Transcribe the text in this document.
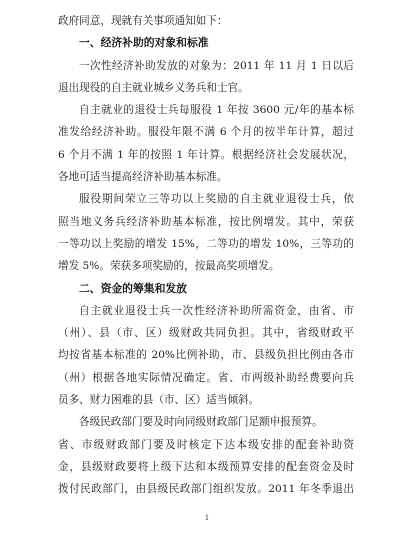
政府同意，现就有关事项通知如下：
一、经济补助的对象和标准
一次性经济补助发放的对象为：2011 年 11 月 1 日以后
退出现役的自主就业城乡义务兵和士官。
自主就业的退役士兵每服役 1 年按 3600 元/年的基本标
准发给经济补助。服役年限不满 6 个月的按半年计算，超过
6 个月不满 1 年的按照 1 年计算。根据经济社会发展状况，
各地可适当提高经济补助基本标准。
服役期间荣立三等功以上奖励的自主就业退役士兵，依
照当地义务兵经济补助基本标准，按比例增发。其中，荣获
一等功以上奖励的增发 15%，二等功的增发 10%，三等功的
增发 5%。荣获多项奖励的，按最高奖项增发。
二、资金的筹集和发放
自主就业退役士兵一次性经济补助所需资金，由省、市
（州）、县（市、区）级财政共同负担。其中，省级财政平
均按省基本标准的 20%比例补助，市、县级负担比例由各市
（州）根据各地实际情况确定。省、市两级补助经费要向兵
员多、财力困难的县（市、区）适当倾斜。
各级民政部门要及时向同级财政部门足额申报预算。
省、市级财政部门要及时核定下达本级安排的配套补助资
金，县级财政要将上级下达和本级预算安排的配套资金及时
拨付民政部门，由县级民政部门组织发放。2011 年冬季退出
1
